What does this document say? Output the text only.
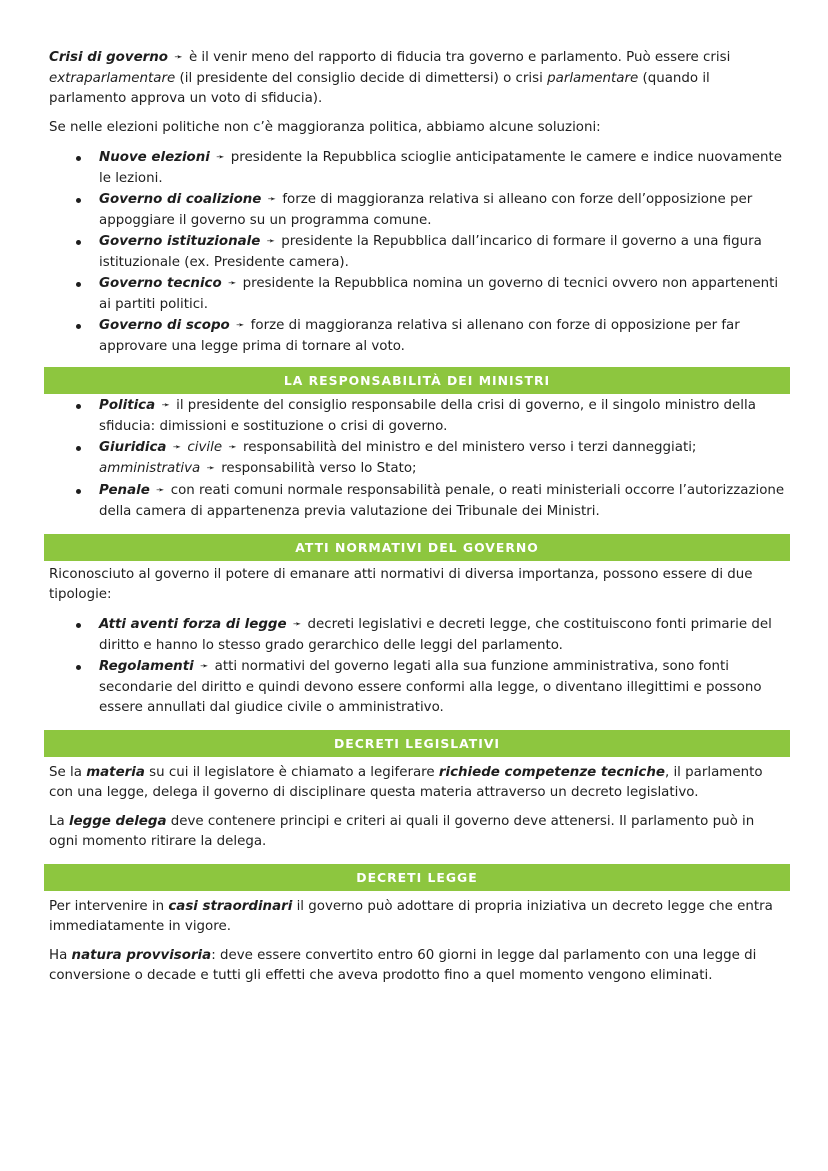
Crisi di governo ➛ è il venir meno del rapporto di fiducia tra governo e parlamento. Può essere crisi extraparlamentare (il presidente del consiglio decide di dimettersi) o crisi parlamentare (quando il parlamento approva un voto di sfiducia).

Se nelle elezioni politiche non c’è maggioranza politica, abbiamo alcune soluzioni:

Nuove elezioni ➛ presidente la Repubblica scioglie anticipatamente le camere e indice nuovamente le lezioni.
Governo di coalizione ➛ forze di maggioranza relativa si alleano con forze dell’opposizione per appoggiare il governo su un programma comune.
Governo istituzionale ➛ presidente la Repubblica dall’incarico di formare il governo a una figura istituzionale (ex. Presidente camera).
Governo tecnico ➛ presidente la Repubblica nomina un governo di tecnici ovvero non appartenenti ai partiti politici.
Governo di scopo ➛ forze di maggioranza relativa si allenano con forze di opposizione per far approvare una legge prima di tornare al voto.
LA RESPONSABILITÀ DEI MINISTRI
Politica ➛ il presidente del consiglio responsabile della crisi di governo, e il singolo ministro della sfiducia: dimissioni e sostituzione o crisi di governo.
Giuridica ➛ civile ➛ responsabilità del ministro e del ministero verso i terzi danneggiati;
amministrativa ➛ responsabilità verso lo Stato;
Penale ➛ con reati comuni normale responsabilità penale, o reati ministeriali occorre l’autorizzazione della camera di appartenenza previa valutazione dei Tribunale dei Ministri.
ATTI NORMATIVI DEL GOVERNO

Riconosciuto al governo il potere di emanare atti normativi di diversa importanza, possono essere di due tipologie:

Atti aventi forza di legge ➛ decreti legislativi e decreti legge, che costituiscono fonti primarie del diritto e hanno lo stesso grado gerarchico delle leggi del parlamento.
Regolamenti ➛ atti normativi del governo legati alla sua funzione amministrativa, sono fonti secondarie del diritto e quindi devono essere conformi alla legge, o diventano illegittimi e possono essere annullati dal giudice civile o amministrativo.
DECRETI LEGISLATIVI

Se la materia su cui il legislatore è chiamato a legiferare richiede competenze tecniche, il parlamento con una legge, delega il governo di disciplinare questa materia attraverso un decreto legislativo.

La legge delega deve contenere principi e criteri ai quali il governo deve attenersi. Il parlamento può in ogni momento ritirare la delega.

DECRETI LEGGE

Per intervenire in casi straordinari il governo può adottare di propria iniziativa un decreto legge che entra immediatamente in vigore.

Ha natura provvisoria: deve essere convertito entro 60 giorni in legge dal parlamento con una legge di conversione o decade e tutti gli effetti che aveva prodotto fino a quel momento vengono eliminati.
